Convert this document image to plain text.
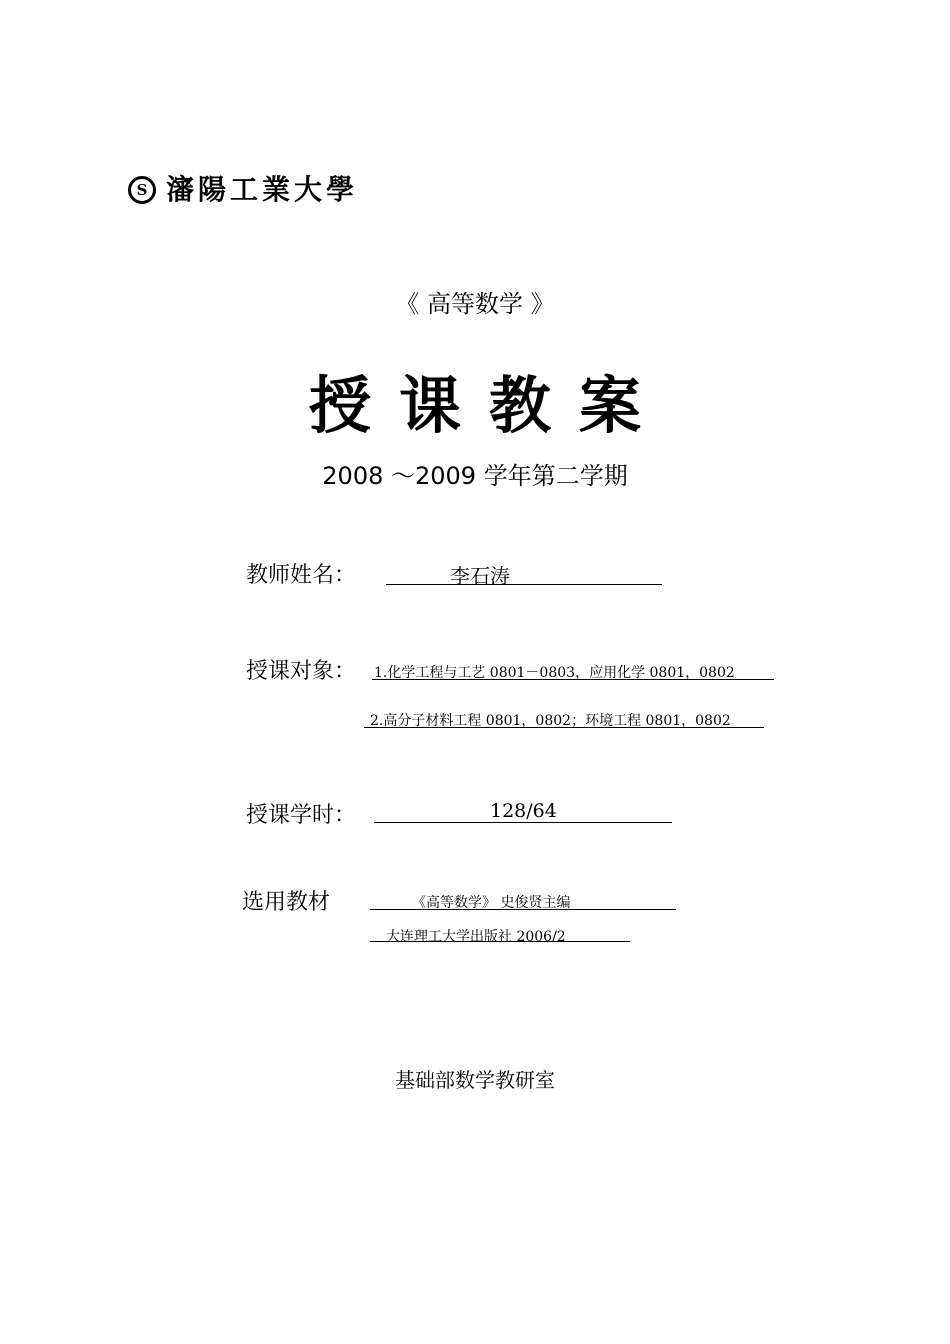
S 瀋陽工業大學
《 高等数学 》
授课教案
2008 ～2009 学年第二学期
教师姓名：	李石涛
授课对象： 1.化学工程与工艺 0801－0803，应用化学 0801，0802
2.高分子材料工程 0801，0802；环境工程 0801，0802
授课学时：	128/64
选用教材	《高等数学》 史俊贤主编
大连理工大学出版社 2006/2
基础部数学教研室
